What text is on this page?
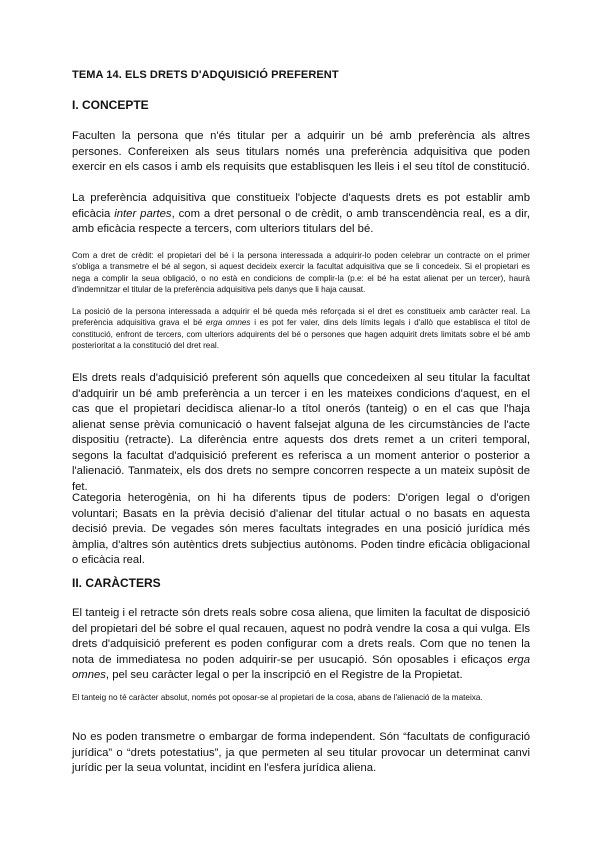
TEMA 14. ELS DRETS D'ADQUISICIÓ PREFERENT
I. CONCEPTE

Faculten la persona que n'és titular per a adquirir un bé amb preferència als altres persones. Confereixen als seus titulars només una preferència adquisitiva que poden exercir en els casos i amb els requisits que establisquen les lleis i el seu títol de constitució.

La preferència adquisitiva que constitueix l'objecte d'aquests drets es pot establir amb eficàcia inter partes, com a dret personal o de crèdit, o amb transcendència real, es a dir, amb eficàcia respecte a tercers, com ulteriors titulars del bé.

Com a dret de crèdit: el propietari del bé i la persona interessada a adquirir-lo poden celebrar un contracte on el primer s'obliga a transmetre el bé al segon, si aquest decideix exercir la facultat adquisitiva que se li concedeix. Si el propietari es nega a complir la seua obligació, o no està en condicions de complir-la (p.e: el bé ha estat alienat per un tercer), haurà d'indemnitzar el titular de la preferència adquisitiva pels danys que li haja causat.

La posició de la persona interessada a adquirir el bé queda més reforçada si el dret es constitueix amb caràcter real. La preferència adquisitiva grava el bé erga omnes i es pot fer valer, dins dels límits legals i d'allò que establisca el títol de constitució, enfront de tercers, com ulteriors adquirents del bé o persones que hagen adquirit drets limitats sobre el bé amb posterioritat a la constitució del dret real.

Els drets reals d'adquisició preferent són aquells que concedeixen al seu titular la facultat d'adquirir un bé amb preferència a un tercer i en les mateixes condicions d'aquest, en el cas que el propietari decidisca alienar-lo a títol onerós (tanteig) o en el cas que l'haja alienat sense prèvia comunicació o havent falsejat alguna de les circumstàncies de l'acte dispositiu (retracte). La diferència entre aquests dos drets remet a un criteri temporal, segons la facultat d'adquisició preferent es referisca a un moment anterior o posterior a l'alienació. Tanmateix, els dos drets no sempre concorren respecte a un mateix supòsit de fet.

Categoria heterogènia, on hi ha diferents tipus de poders: D'origen legal o d'origen voluntari; Basats en la prèvia decisió d'alienar del titular actual o no basats en aquesta decisió previa. De vegades són meres facultats integrades en una posició jurídica més àmplia, d'altres són autèntics drets subjectius autònoms. Poden tindre eficàcia obligacional o eficàcia real.

II. CARÀCTERS

El tanteig i el retracte són drets reals sobre cosa aliena, que limiten la facultat de disposició del propietari del bé sobre el qual recauen, aquest no podrà vendre la cosa a qui vulga. Els drets d'adquisició preferent es poden configurar com a drets reals. Com que no tenen la nota de immediatesa no poden adquirir-se per usucapió. Són oposables i eficaços erga omnes, pel seu caràcter legal o per la inscripció en el Registre de la Propietat.

El tanteig no té caràcter absolut, només pot oposar-se al propietari de la cosa, abans de l'alienació de la mateixa.

No es poden transmetre o embargar de forma independent. Són “facultats de configuració jurídica” o “drets potestatius”, ja que permeten al seu titular provocar un determinat canvi jurídic per la seua voluntat, incidint en l'esfera jurídica aliena.
